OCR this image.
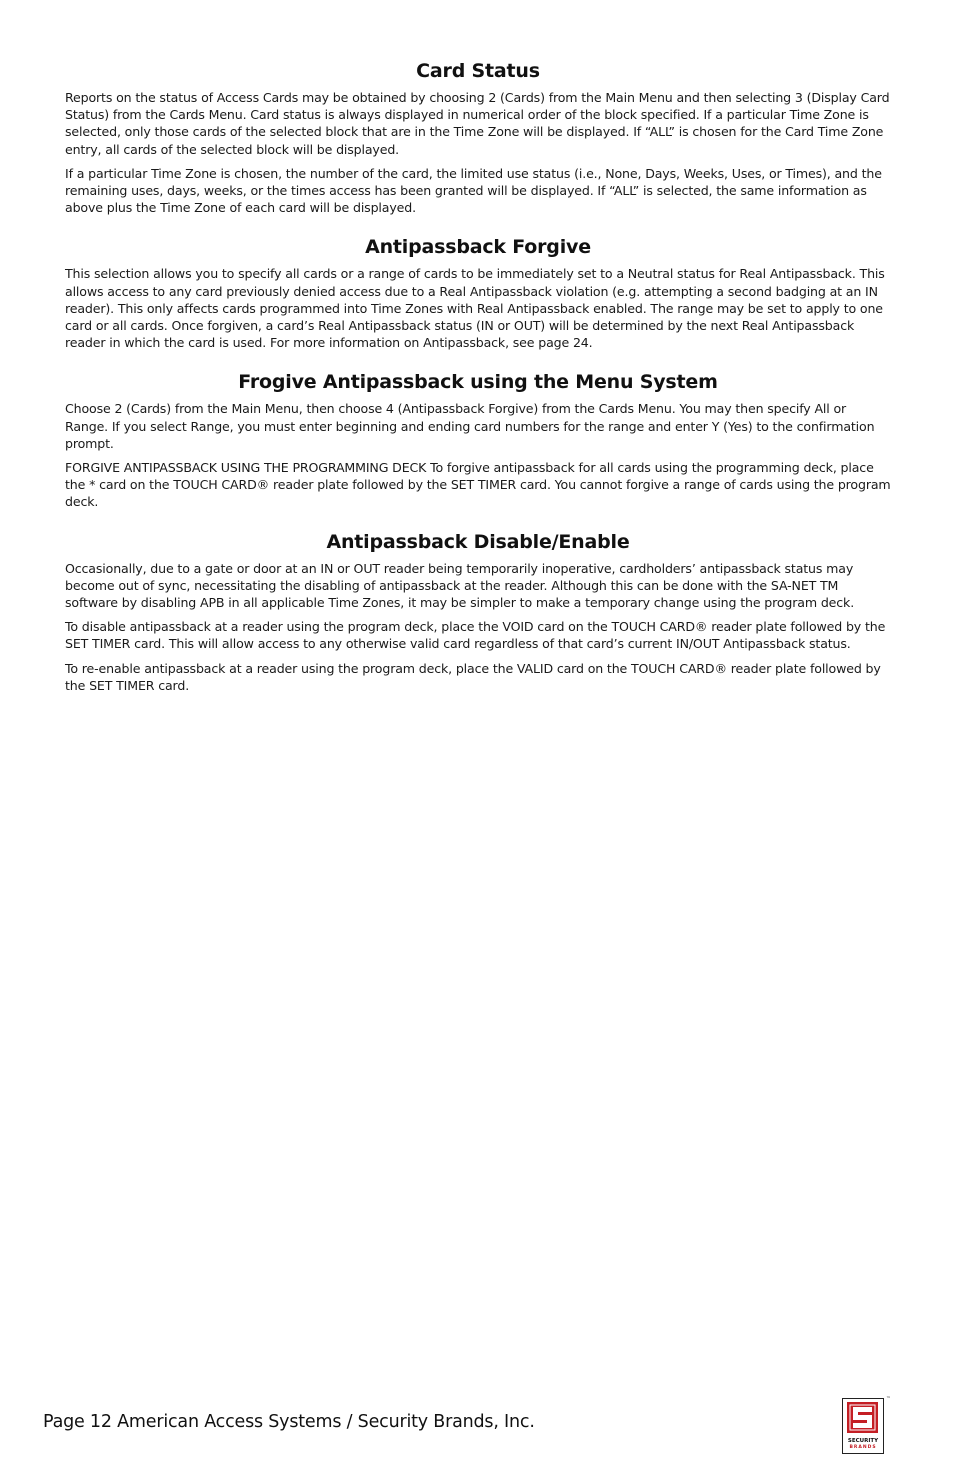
Card Status

Reports on the status of Access Cards may be obtained by choosing 2 (Cards) from the Main Menu and then selecting 3 (Display Card Status) from the Cards Menu. Card status is always displayed in numerical order of the block specified. If a particular Time Zone is selected, only those cards of the selected block that are in the Time Zone will be displayed. If “ALL” is chosen for the Card Time Zone entry, all cards of the selected block will be displayed.

If a particular Time Zone is chosen, the number of the card, the limited use status (i.e., None, Days, Weeks, Uses, or Times), and the remaining uses, days, weeks, or the times access has been granted will be displayed. If “ALL” is selected, the same information as above plus the Time Zone of each card will be displayed.

Antipassback Forgive

This selection allows you to specify all cards or a range of cards to be immediately set to a Neutral status for Real Antipassback. This allows access to any card previously denied access due to a Real Antipassback violation (e.g. attempting a second badging at an IN reader). This only affects cards programmed into Time Zones with Real Antipassback enabled. The range may be set to apply to one card or all cards. Once forgiven, a card’s Real Antipassback status (IN or OUT) will be determined by the next Real Antipassback reader in which the card is used. For more information on Antipassback, see page 24.

Frogive Antipassback using the Menu System

Choose 2 (Cards) from the Main Menu, then choose 4 (Antipassback Forgive) from the Cards Menu. You may then specify All or Range. If you select Range, you must enter beginning and ending card numbers for the range and enter Y (Yes) to the confirmation prompt.

FORGIVE ANTIPASSBACK USING THE PROGRAMMING DECK To forgive antipassback for all cards using the programming deck, place the * card on the TOUCH CARD® reader plate followed by the SET TIMER card. You cannot forgive a range of cards using the program deck.

Antipassback Disable/Enable

Occasionally, due to a gate or door at an IN or OUT reader being temporarily inoperative, cardholders’ antipassback status may become out of sync, necessitating the disabling of antipassback at the reader. Although this can be done with the SA-NET TM software by disabling APB in all applicable Time Zones, it may be simpler to make a temporary change using the program deck.

To disable antipassback at a reader using the program deck, place the VOID card on the TOUCH CARD® reader plate followed by the SET TIMER card. This will allow access to any otherwise valid card regardless of that card’s current IN/OUT Antipassback status.

To re-enable antipassback at a reader using the program deck, place the VALID card on the TOUCH CARD® reader plate followed by the SET TIMER card.

Page 12 American Access Systems / Security Brands, Inc.
SECURITY
BRANDS
™
